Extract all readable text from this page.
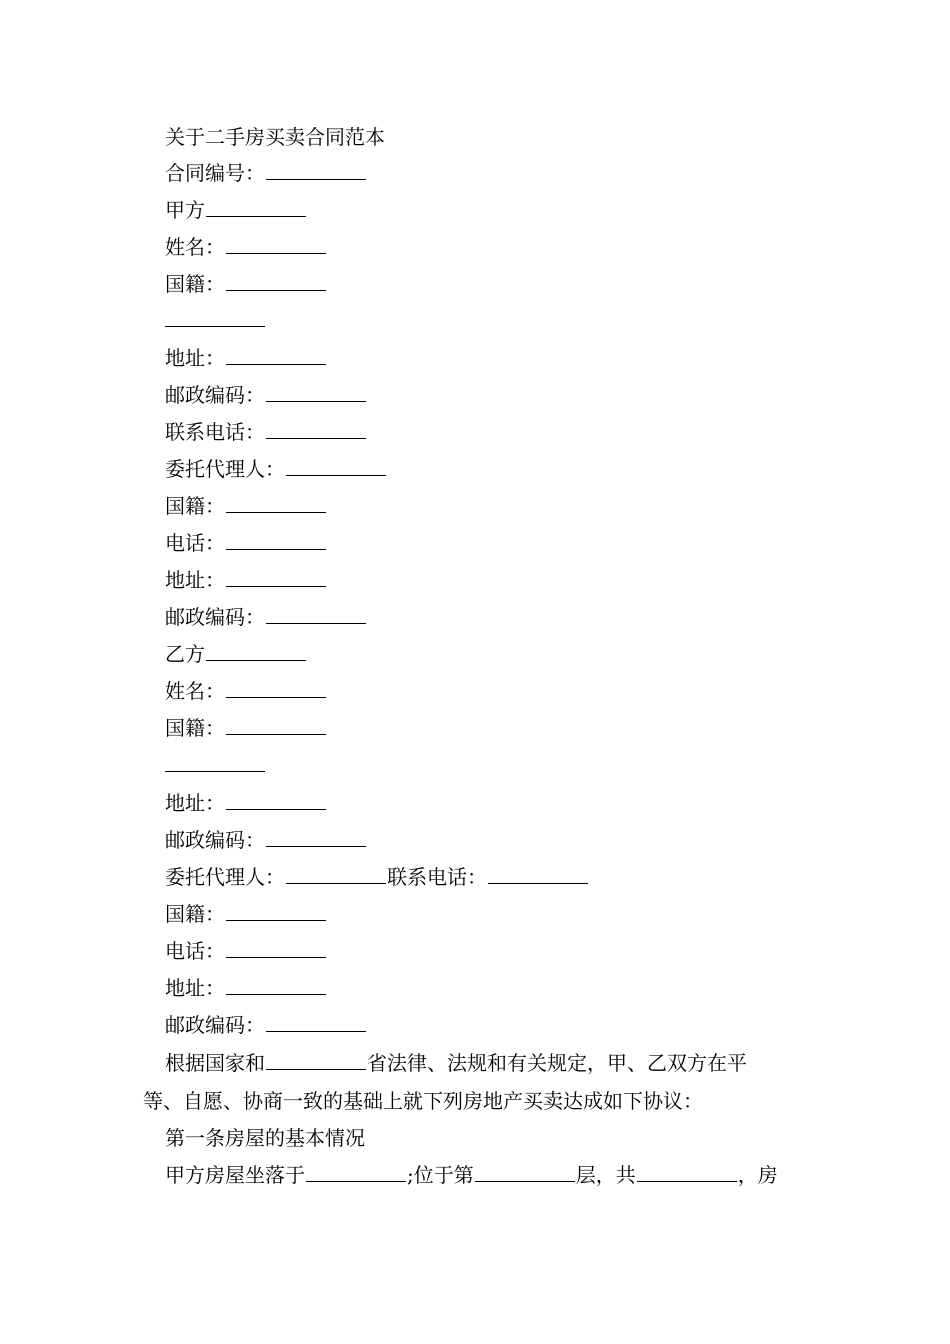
关于二手房买卖合同范本
合同编号：
甲方
姓名：
国籍：
地址：
邮政编码：
联系电话：
委托代理人：
国籍：
电话：
地址：
邮政编码：
乙方
姓名：
国籍：
地址：
邮政编码：
委托代理人：	联系电话：
国籍：
电话：
地址：
邮政编码：
根据国家和	省法律、法规和有关规定，甲、乙双方在平
等、自愿、协商一致的基础上就下列房地产买卖达成如下协议：
第一条房屋的基本情况
甲方房屋坐落于	;位于第	层，共	，房
